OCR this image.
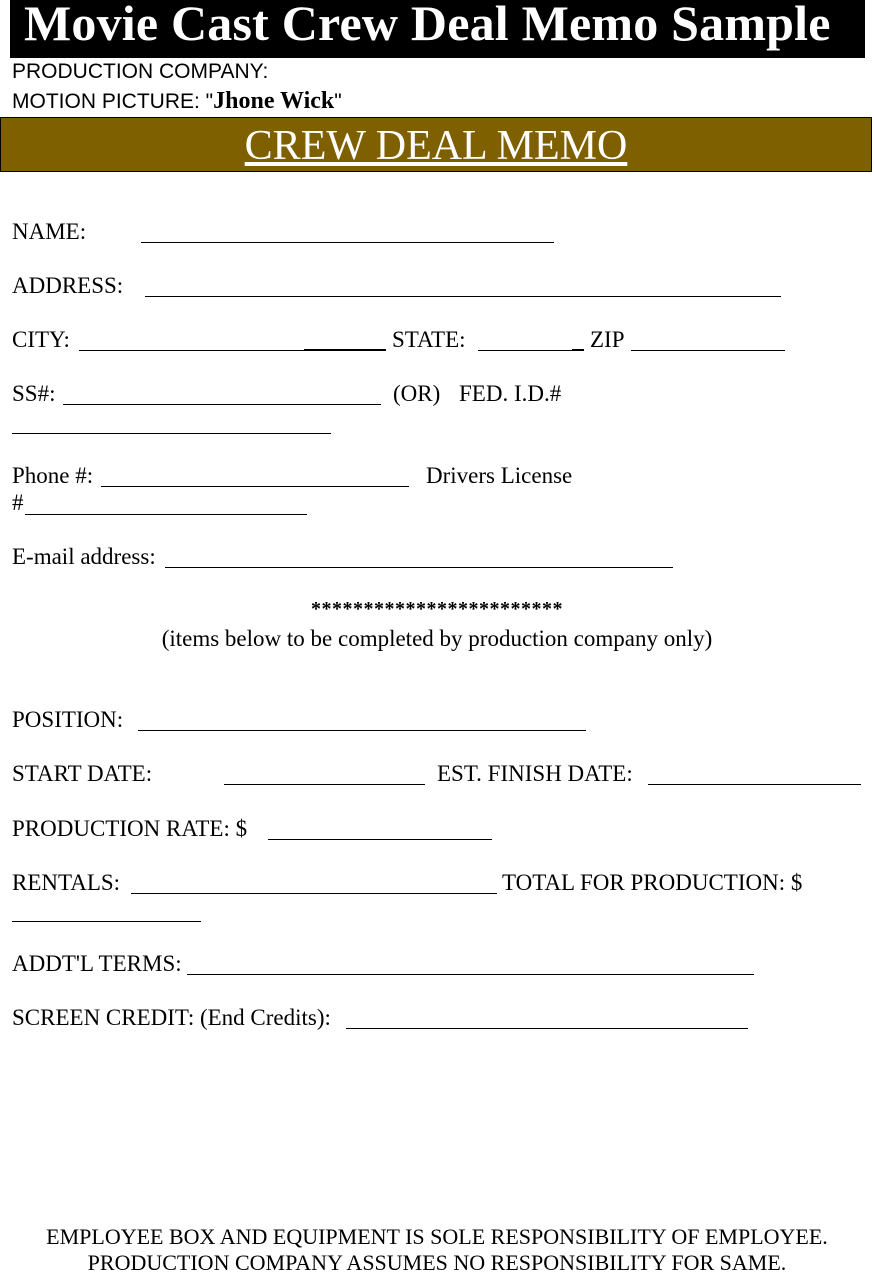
Movie Cast Crew Deal Memo Sample
PRODUCTION COMPANY:
MOTION PICTURE: "Jhone Wick"
CREW DEAL MEMO
NAME:
ADDRESS:
CITY:	STATE:	ZIP
SS#:	(OR) FED. I.D.#
Phone #:	Drivers License
#
E-mail address:
************************
(items below to be completed by production company only)
POSITION:
START DATE:	EST. FINISH DATE:
PRODUCTION RATE: $
RENTALS:	TOTAL FOR PRODUCTION: $
ADDT'L TERMS:
SCREEN CREDIT: (End Credits):
EMPLOYEE BOX AND EQUIPMENT IS SOLE RESPONSIBILITY OF EMPLOYEE.
PRODUCTION COMPANY ASSUMES NO RESPONSIBILITY FOR SAME.
